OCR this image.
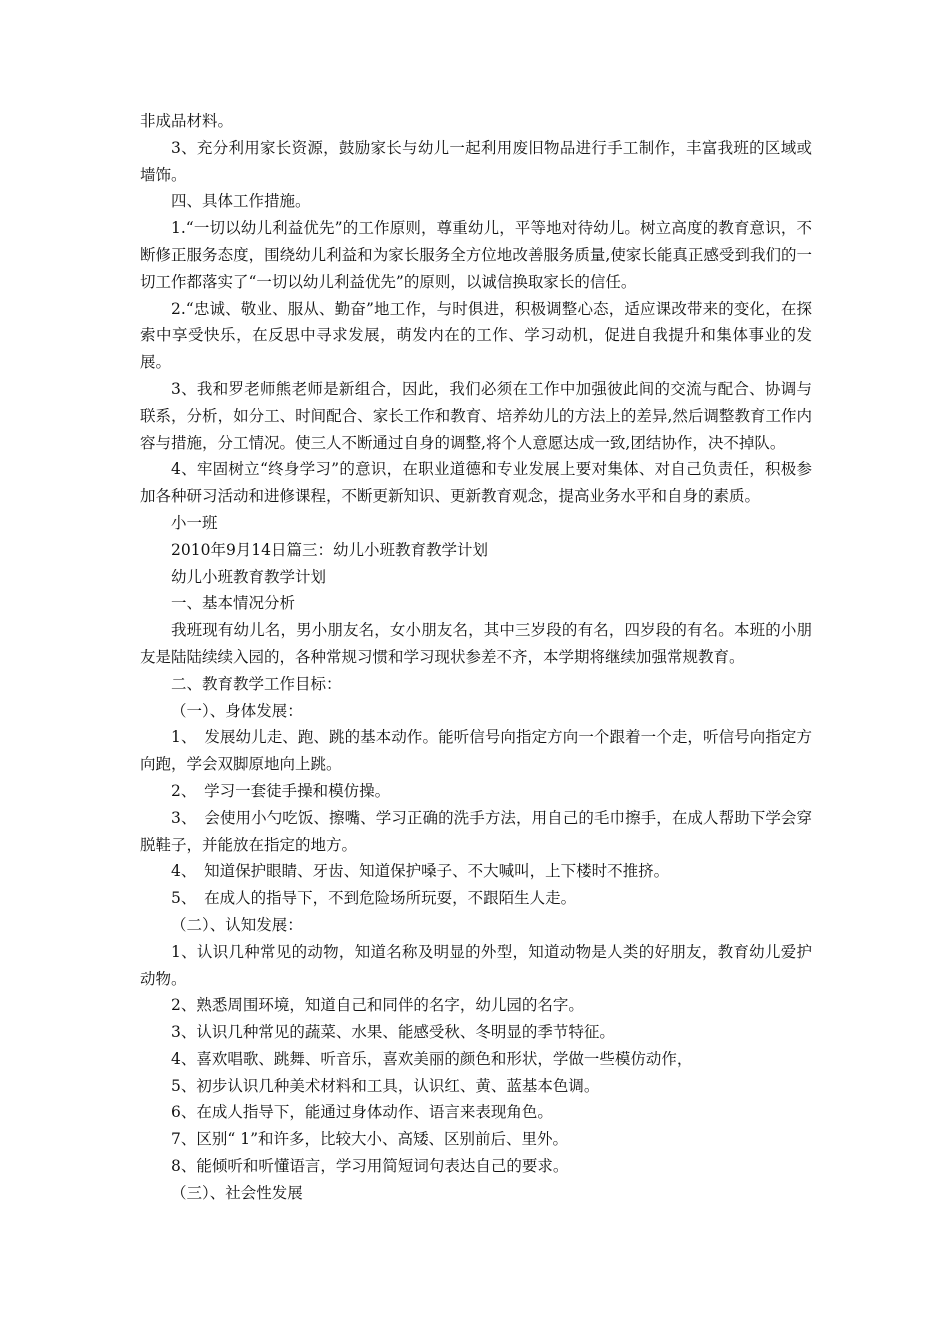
非成品材料。

3、充分利用家长资源，鼓励家长与幼儿一起利用废旧物品进行手工制作，丰富我班的区域或墙饰。

四、具体工作措施。

1.“一切以幼儿利益优先”的工作原则，尊重幼儿，平等地对待幼儿。树立高度的教育意识，不断修正服务态度，围绕幼儿利益和为家长服务全方位地改善服务质量,使家长能真正感受到我们的一切工作都落实了“一切以幼儿利益优先”的原则，以诚信换取家长的信任。

2.“忠诚、敬业、服从、勤奋”地工作，与时俱进，积极调整心态，适应课改带来的变化，在探索中享受快乐，在反思中寻求发展，萌发内在的工作、学习动机，促进自我提升和集体事业的发展。

3、我和罗老师熊老师是新组合，因此，我们必须在工作中加强彼此间的交流与配合、协调与联系，分析，如分工、时间配合、家长工作和教育、培养幼儿的方法上的差异,然后调整教育工作内容与措施，分工情况。使三人不断通过自身的调整,将个人意愿达成一致,团结协作，决不掉队。

4、牢固树立“终身学习”的意识，在职业道德和专业发展上要对集体、对自己负责任，积极参加各种研习活动和进修课程，不断更新知识、更新教育观念，提高业务水平和自身的素质。

小一班

2010年9月14日篇三：幼儿小班教育教学计划

幼儿小班教育教学计划

一、基本情况分析

我班现有幼儿名，男小朋友名，女小朋友名，其中三岁段的有名，四岁段的有名。本班的小朋友是陆陆续续入园的，各种常规习惯和学习现状参差不齐，本学期将继续加强常规教育。

二、教育教学工作目标：

（一）、身体发展：

1、　发展幼儿走、跑、跳的基本动作。能听信号向指定方向一个跟着一个走，听信号向指定方向跑，学会双脚原地向上跳。

2、　学习一套徒手操和模仿操。

3、　会使用小勺吃饭、擦嘴、学习正确的洗手方法，用自己的毛巾擦手，在成人帮助下学会穿脱鞋子，并能放在指定的地方。

4、　知道保护眼睛、牙齿、知道保护嗓子、不大喊叫，上下楼时不推挤。

5、　在成人的指导下，不到危险场所玩耍，不跟陌生人走。

（二）、认知发展：

1、认识几种常见的动物，知道名称及明显的外型，知道动物是人类的好朋友，教育幼儿爱护动物。

2、熟悉周围环境，知道自己和同伴的名字，幼儿园的名字。

3、认识几种常见的蔬菜、水果、能感受秋、冬明显的季节特征。

4、喜欢唱歌、跳舞、听音乐，喜欢美丽的颜色和形状，学做一些模仿动作，

5、初步认识几种美术材料和工具，认识红、黄、蓝基本色调。

6、在成人指导下，能通过身体动作、语言来表现角色。

7、区别“ 1”和许多，比较大小、高矮、区别前后、里外。

8、能倾听和听懂语言，学习用简短词句表达自己的要求。

（三）、社会性发展
